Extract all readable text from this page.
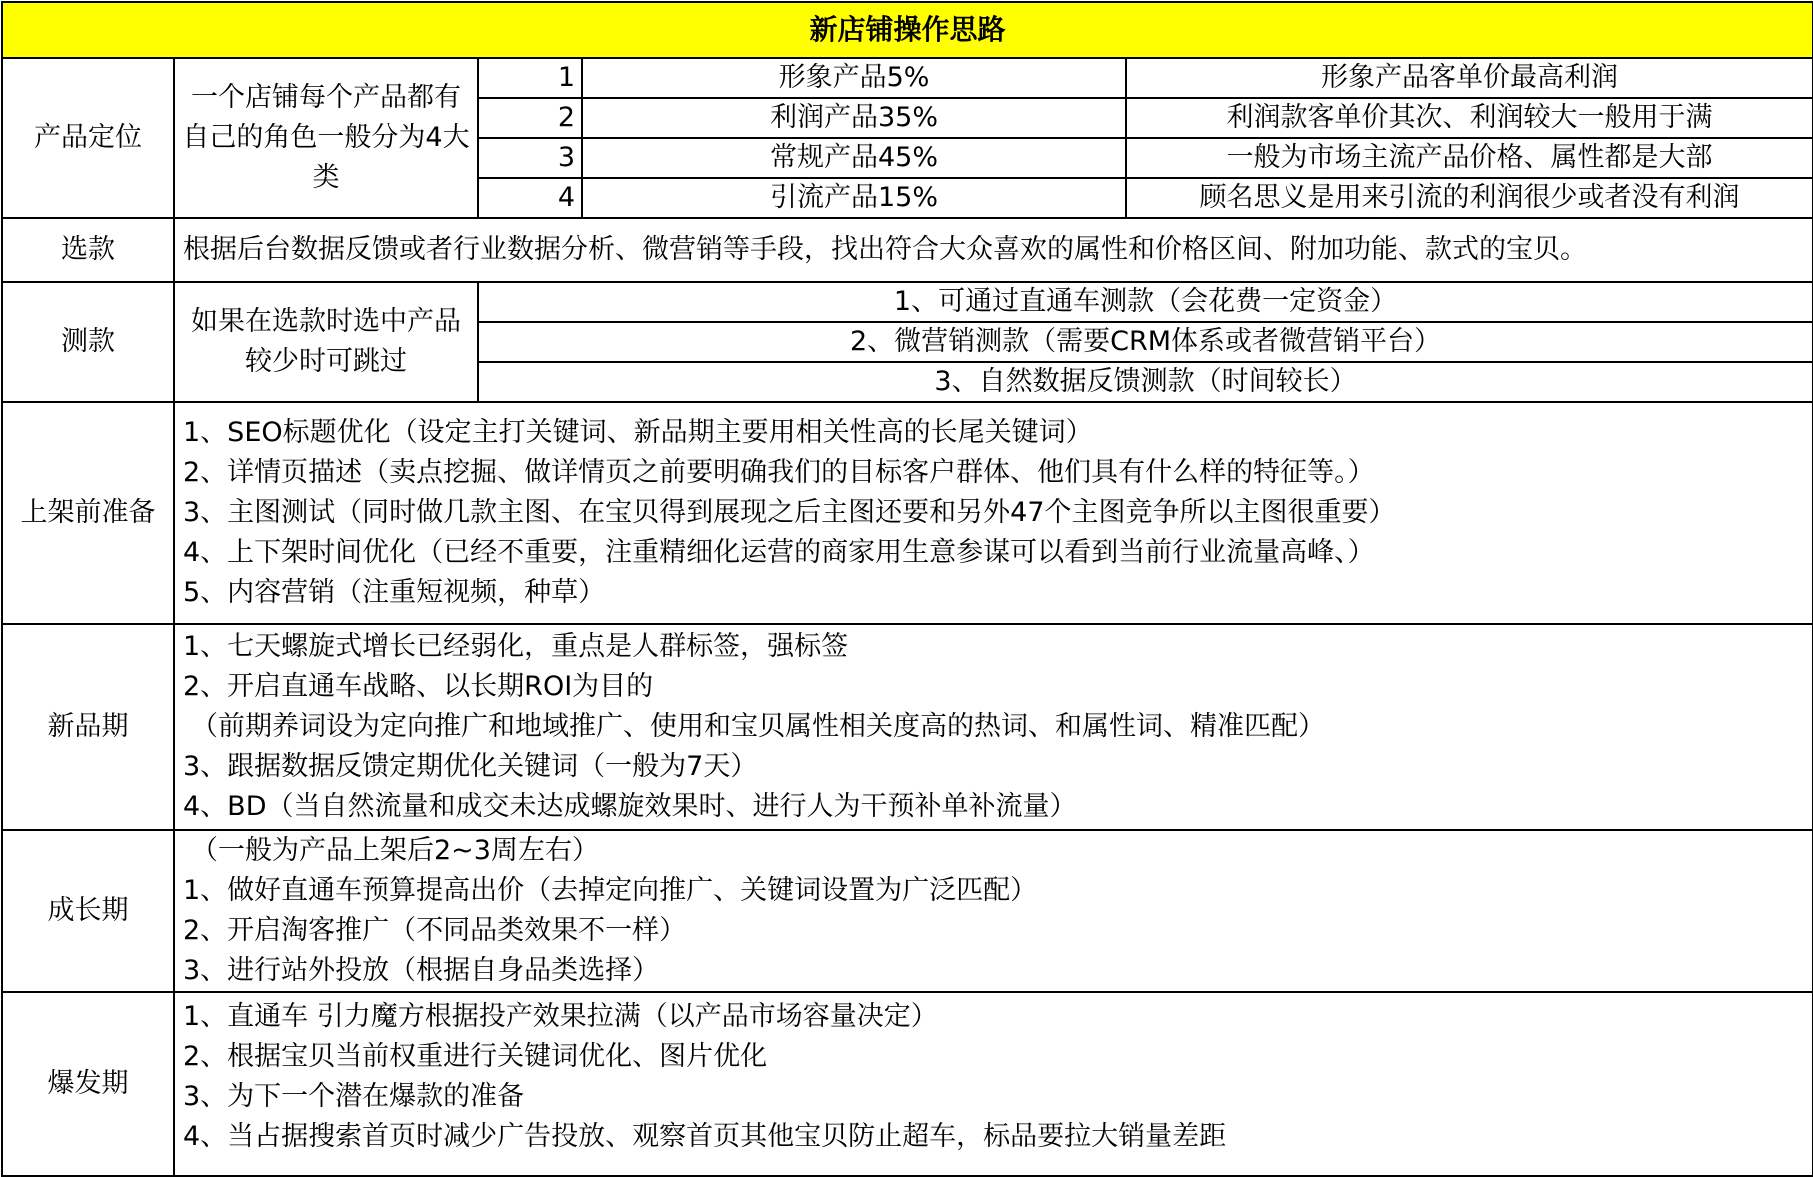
新店铺操作思路				
产品定位	一个店铺每个产品都有自己的角色一般分为4大类	1	形象产品5%	形象产品客单价最高利润
		2	利润产品35%	利润款客单价其次、利润较大一般用于满
		3	常规产品45%	一般为市场主流产品价格、属性都是大部
		4	引流产品15%	顾名思义是用来引流的利润很少或者没有利润
选款	根据后台数据反馈或者行业数据分析、微营销等手段，找出符合大众喜欢的属性和价格区间、附加功能、款式的宝贝。			
测款	如果在选款时选中产品较少时可跳过	1、可通过直通车测款（会花费一定资金）		
		2、微营销测款（需要CRM体系或者微营销平台）		
		3、自然数据反馈测款（时间较长）		
上架前准备	1、SEO标题优化（设定主打关键词、新品期主要用相关性高的长尾关键词）
2、详情页描述（卖点挖掘、做详情页之前要明确我们的目标客户群体、他们具有什么样的特征等。）
3、主图测试（同时做几款主图、在宝贝得到展现之后主图还要和另外47个主图竞争所以主图很重要）
4、上下架时间优化（已经不重要，注重精细化运营的商家用生意参谋可以看到当前行业流量高峰、）
5、内容营销（注重短视频，种草）			

新品期	1、七天螺旋式增长已经弱化，重点是人群标签，强标签
2、开启直通车战略、以长期ROI为目的
（前期养词设为定向推广和地域推广、使用和宝贝属性相关度高的热词、和属性词、精准匹配）
3、跟据数据反馈定期优化关键词（一般为7天）
4、BD（当自然流量和成交未达成螺旋效果时、进行人为干预补单补流量）			

成长期	（一般为产品上架后2~3周左右）
1、做好直通车预算提高出价（去掉定向推广、关键词设置为广泛匹配）
2、开启淘客推广（不同品类效果不一样）
3、进行站外投放（根据自身品类选择）			

爆发期	1、直通车 引力魔方根据投产效果拉满（以产品市场容量决定）
2、根据宝贝当前权重进行关键词优化、图片优化
3、为下一个潜在爆款的准备
4、当占据搜索首页时减少广告投放、观察首页其他宝贝防止超车，标品要拉大销量差距			
